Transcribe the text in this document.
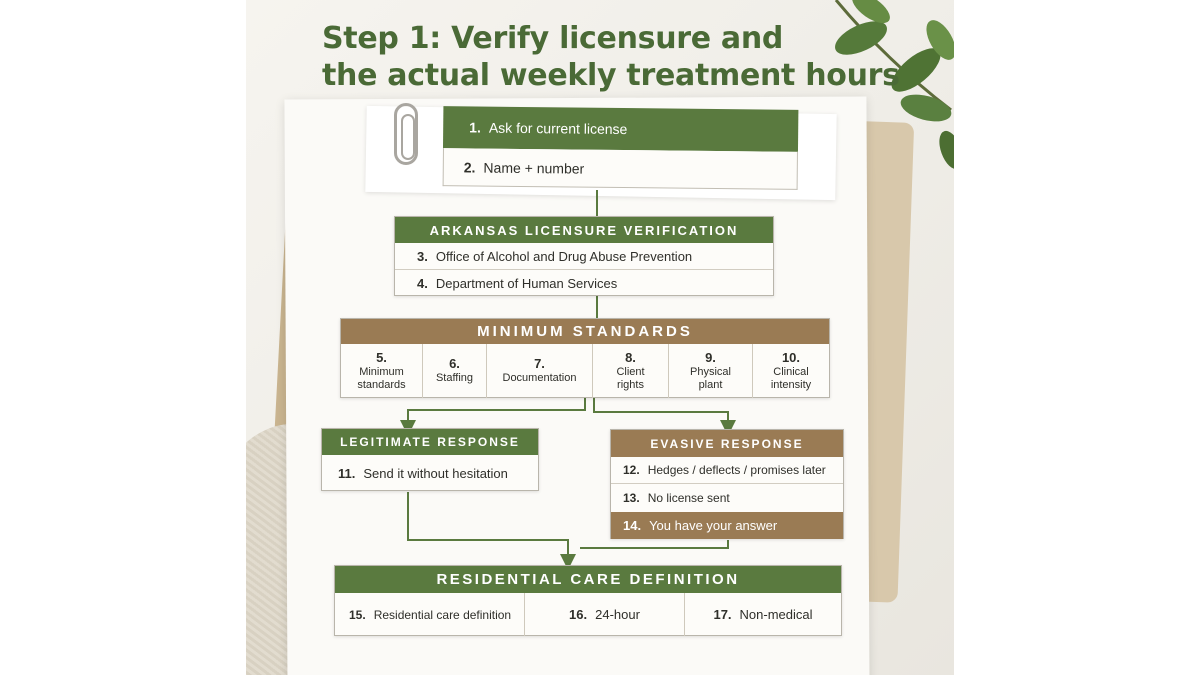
Step 1: Verify licensure and
the actual weekly treatment hours
1. Ask for current license
2. Name + number
ARKANSAS LICENSURE VERIFICATION
3. Office of Alcohol and Drug Abuse Prevention
4. Department of Human Services
MINIMUM STANDARDS
5.
Minimum
standards
6.
Staffing
7.
Documentation
8.
Client
rights
9.
Physical
plant
10.
Clinical
intensity
LEGITIMATE RESPONSE
11. Send it without hesitation
EVASIVE RESPONSE
12. Hedges / deflects / promises later
13. No license sent
14. You have your answer
RESIDENTIAL CARE DEFINITION
15. Residential care definition	16. 24-hour	17. Non-medical
